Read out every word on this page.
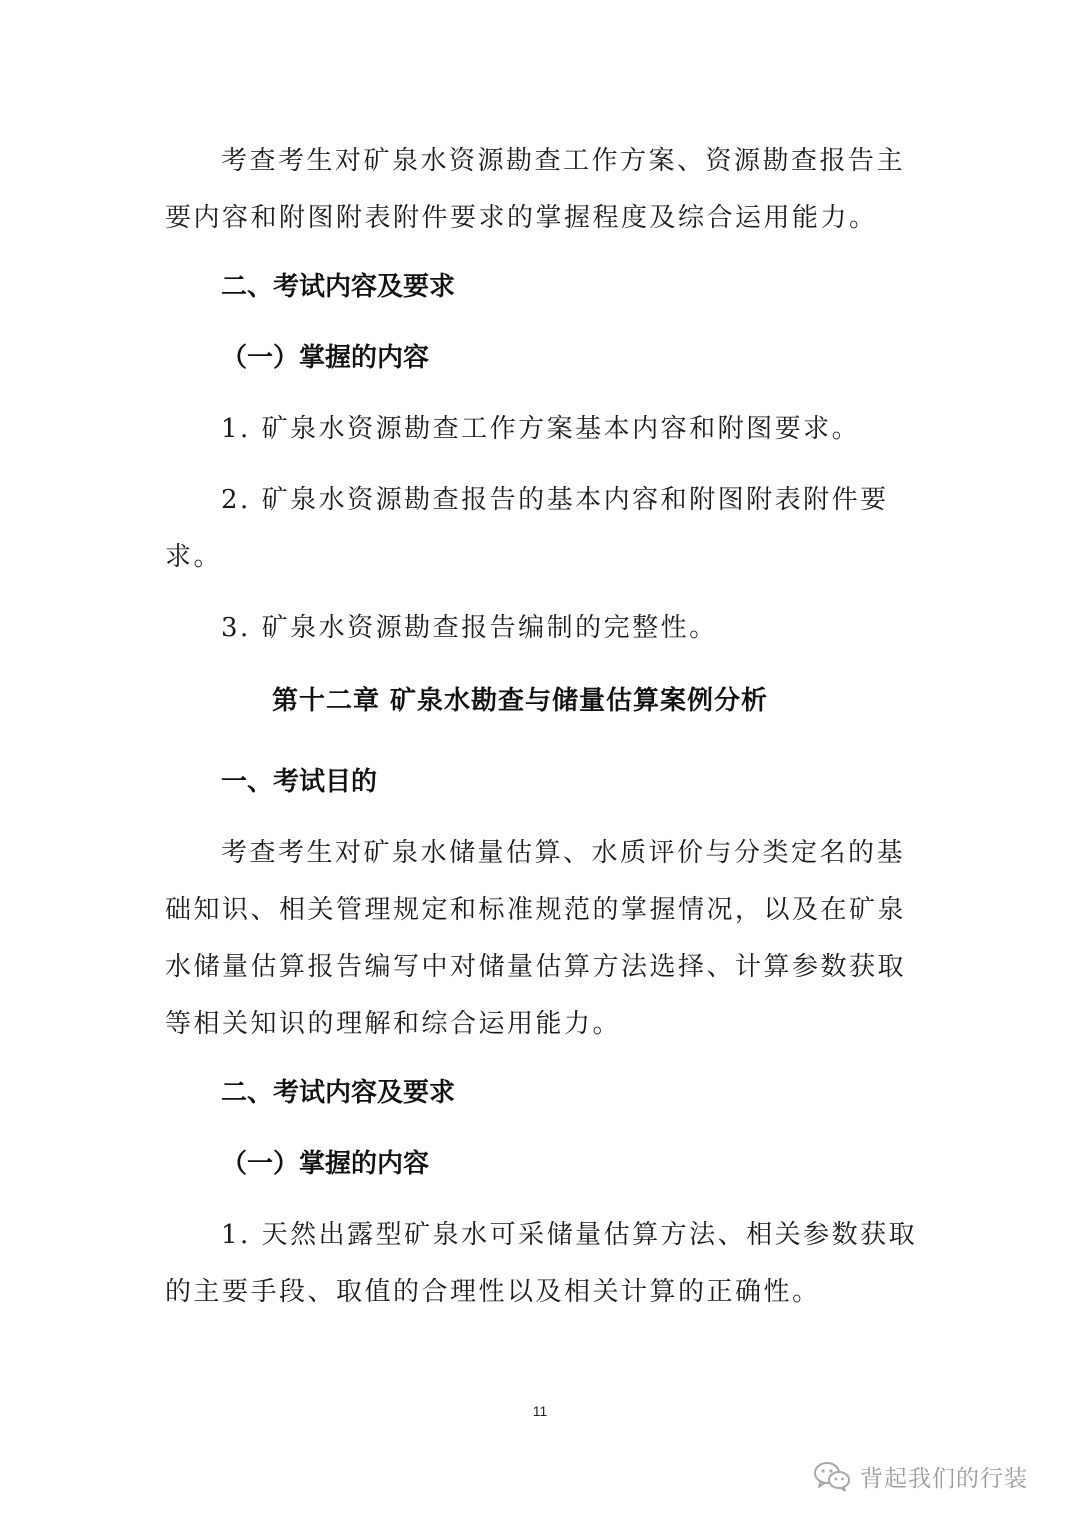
考查考生对矿泉水资源勘查工作方案、资源勘查报告主
要内容和附图附表附件要求的掌握程度及综合运用能力。
二、考试内容及要求
（一）掌握的内容
1. 矿泉水资源勘查工作方案基本内容和附图要求。
2. 矿泉水资源勘查报告的基本内容和附图附表附件要
求。
3. 矿泉水资源勘查报告编制的完整性。
第十二章 矿泉水勘查与储量估算案例分析
一、考试目的
考查考生对矿泉水储量估算、水质评价与分类定名的基
础知识、相关管理规定和标准规范的掌握情况，以及在矿泉
水储量估算报告编写中对储量估算方法选择、计算参数获取
等相关知识的理解和综合运用能力。
二、考试内容及要求
（一）掌握的内容
1. 天然出露型矿泉水可采储量估算方法、相关参数获取
的主要手段、取值的合理性以及相关计算的正确性。
11
背起我们的行装
